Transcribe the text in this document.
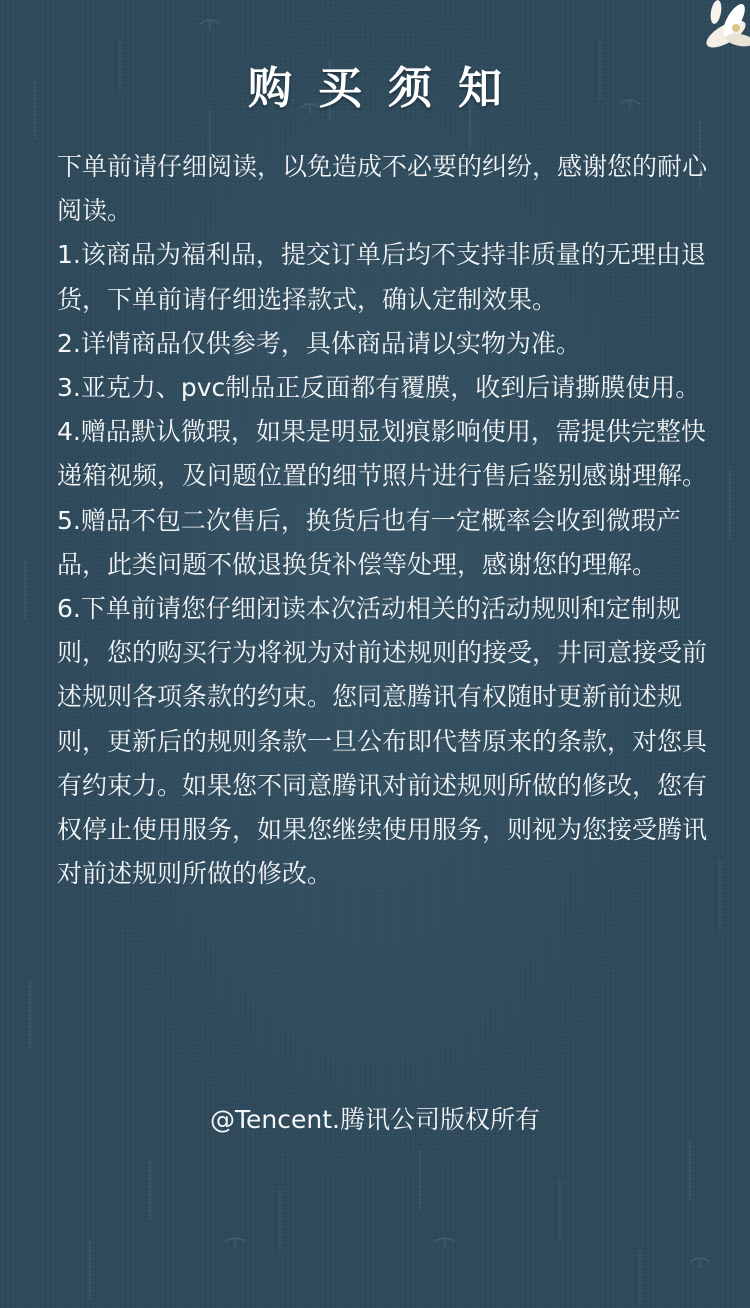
购买须知

下单前请仔细阅读，以免造成不必要的纠纷，感谢您的耐心阅读。

1.该商品为福利品，提交订单后均不支持非质量的无理由退货，下单前请仔细选择款式，确认定制效果。

2.详情商品仅供参考，具体商品请以实物为准。

3.亚克力、pvc制品正反面都有覆膜，收到后请撕膜使用。

4.赠品默认微瑕，如果是明显划痕影响使用，需提供完整快递箱视频，及问题位置的细节照片进行售后鉴别感谢理解。

5.赠品不包二次售后，换货后也有一定概率会收到微瑕产品，此类问题不做退换货补偿等处理，感谢您的理解。

6.下单前请您仔细闭读本次活动相关的活动规则和定制规则，您的购买行为将视为对前述规则的接受，井同意接受前述规则各项条款的约束。您同意腾讯有权随时更新前述规则，更新后的规则条款一旦公布即代替原来的条款，对您具有约束力。如果您不同意腾讯对前述规则所做的修改，您有权停止使用服务，如果您继续使用服务，则视为您接受腾讯对前述规则所做的修改。

@Tencent.腾讯公司版权所有
